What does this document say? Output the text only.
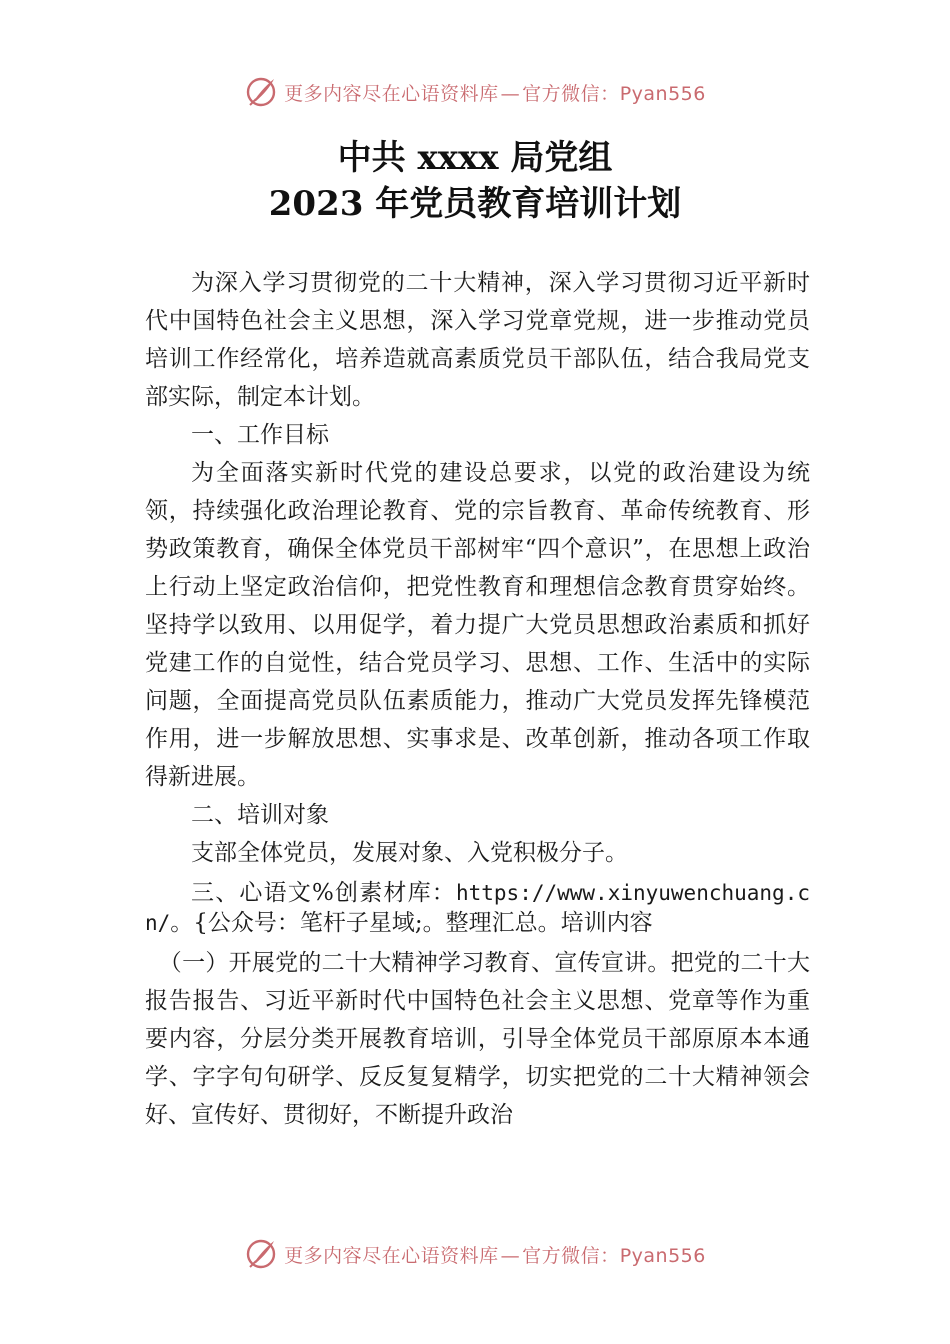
更多内容尽在心语资料库 — 官方微信：Pyan556
中共 xxxx 局党组
2023 年党员教育培训计划

为深入学习贯彻党的二十大精神，深入学习贯彻习近平新时代中国特色社会主义思想，深入学习党章党规，进一步推动党员培训工作经常化，培养造就高素质党员干部队伍，结合我局党支部实际，制定本计划。

一、工作目标

为全面落实新时代党的建设总要求，以党的政治建设为统领，持续强化政治理论教育、党的宗旨教育、革命传统教育、形势政策教育，确保全体党员干部树牢“四个意识”，在思想上政治上行动上坚定政治信仰，把党性教育和理想信念教育贯穿始终。坚持学以致用、以用促学，着力提广大党员思想政治素质和抓好党建工作的自觉性，结合党员学习、思想、工作、生活中的实际问题，全面提高党员队伍素质能力，推动广大党员发挥先锋模范作用，进一步解放思想、实事求是、改革创新，推动各项工作取得新进展。

二、培训对象

支部全体党员，发展对象、入党积极分子。

三、心语文%创素材库：https://www.xinyuwenchuang.cn/。{公众号：笔杆子星域;。整理汇总。培训内容

（一）开展党的二十大精神学习教育、宣传宣讲。把党的二十大报告报告、习近平新时代中国特色社会主义思想、党章等作为重要内容，分层分类开展教育培训，引导全体党员干部原原本本通学、字字句句研学、反反复复精学，切实把党的二十大精神领会好、宣传好、贯彻好，不断提升政治

更多内容尽在心语资料库 — 官方微信：Pyan556
